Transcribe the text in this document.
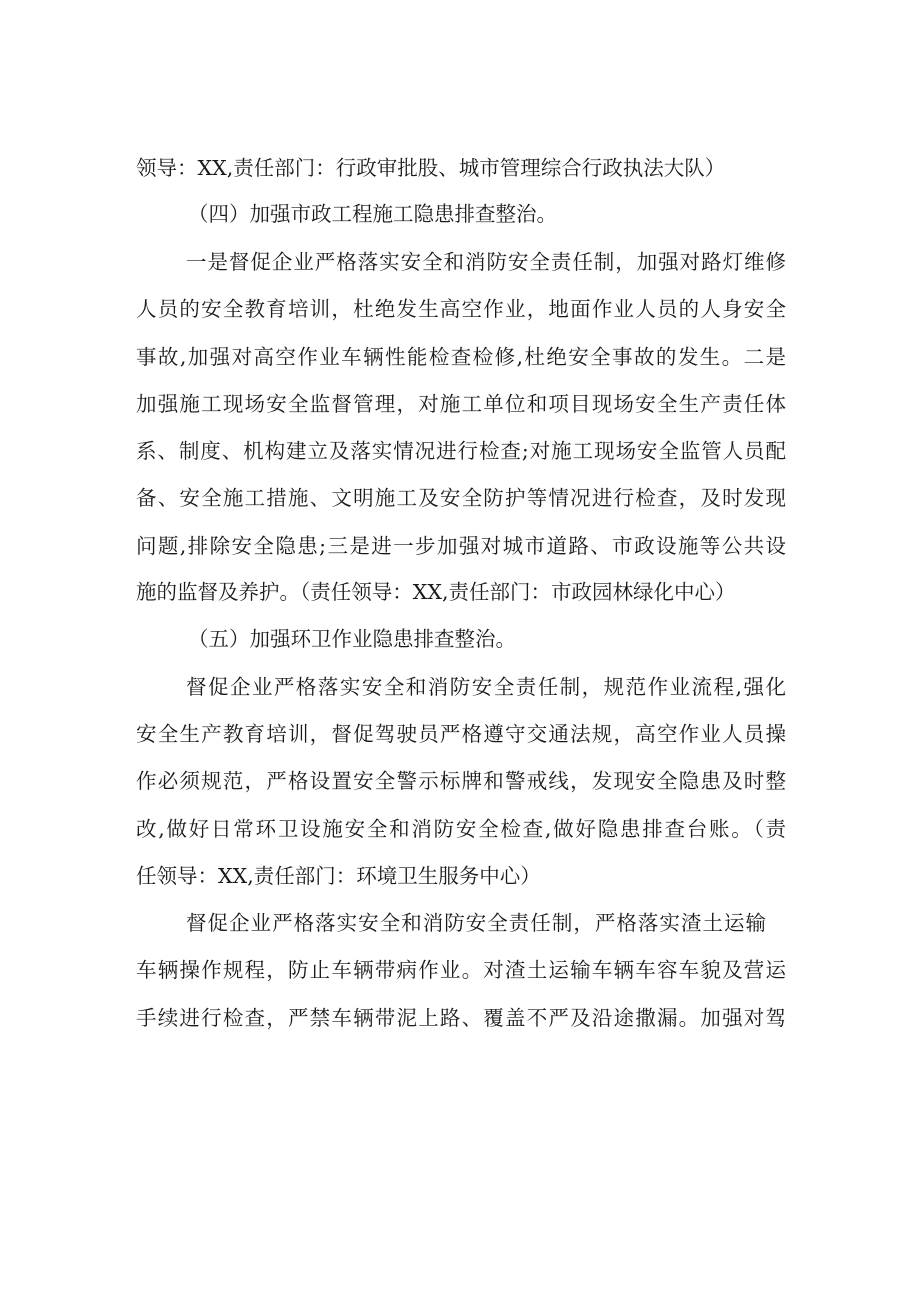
领导：XX,责任部门：行政审批股、城市管理综合行政执法大队）
（四）加强市政工程施工隐患排查整治。
一是督促企业严格落实安全和消防安全责任制，加强对路灯维修
人员的安全教育培训，杜绝发生高空作业，地面作业人员的人身安全
事故,加强对高空作业车辆性能检查检修,杜绝安全事故的发生。二是
加强施工现场安全监督管理，对施工单位和项目现场安全生产责任体
系、制度、机构建立及落实情况进行检查;对施工现场安全监管人员配
备、安全施工措施、文明施工及安全防护等情况进行检查，及时发现
问题,排除安全隐患;三是进一步加强对城市道路、市政设施等公共设
施的监督及养护。（责任领导：XX,责任部门：市政园林绿化中心）
（五）加强环卫作业隐患排查整治。
督促企业严格落实安全和消防安全责任制，规范作业流程,强化
安全生产教育培训，督促驾驶员严格遵守交通法规，高空作业人员操
作必须规范，严格设置安全警示标牌和警戒线，发现安全隐患及时整
改,做好日常环卫设施安全和消防安全检查,做好隐患排查台账。（责
任领导：XX,责任部门：环境卫生服务中心）
督促企业严格落实安全和消防安全责任制，严格落实渣土运输
车辆操作规程，防止车辆带病作业。对渣土运输车辆车容车貌及营运
手续进行检查，严禁车辆带泥上路、覆盖不严及沿途撒漏。加强对驾
